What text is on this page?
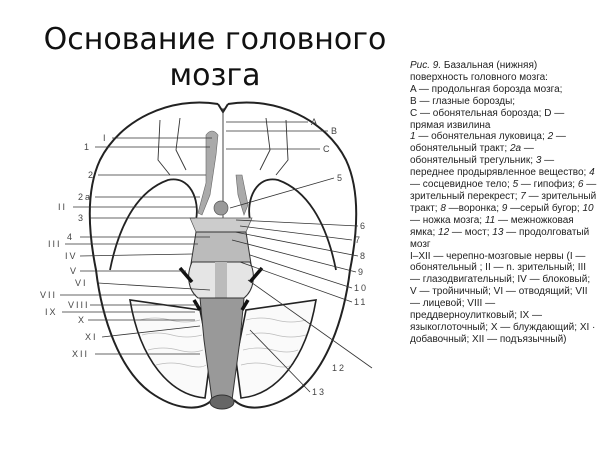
Основание головного
мозга
I
1
2
2a
II
3
4
III
IV
V
VI
VII
VIII
IX
X
XI
XII
A
B
C
5
6
7
8
9
10
11
12
13
Рис. 9. Базальная (нижняя) поверхность головного мозга:
A — продольнгая борозда мозга;
B — глазные борозды;
C — обонятельная борозда; D — прямая извилина
1 — обонятельная луковица; 2 — обонятельный тракт; 2a — обонятельный трегульник; 3 — переднее продырявленное вещество; 4 — сосцевидное тело; 5 — гипофиз; 6 — зрительный перекрест; 7 — зрительный тракт; 8 —воронка; 9 —серый бугор; 10 — ножка мозга; 11 — межножковая ямка; 12 — мост; 13 — продолговатый мозг
I–XII — черепно-мозговые нервы (I —обонятельный ; II — n. зрительный; III — глазодвигательный; IV — блоковый; V — тройничный; VI — отводящий; VII — лицевой; VIII — преддверноулитковый; IX — языкоглоточный; X — блуждающий; XI · добавочный; XII — подъязычный)
